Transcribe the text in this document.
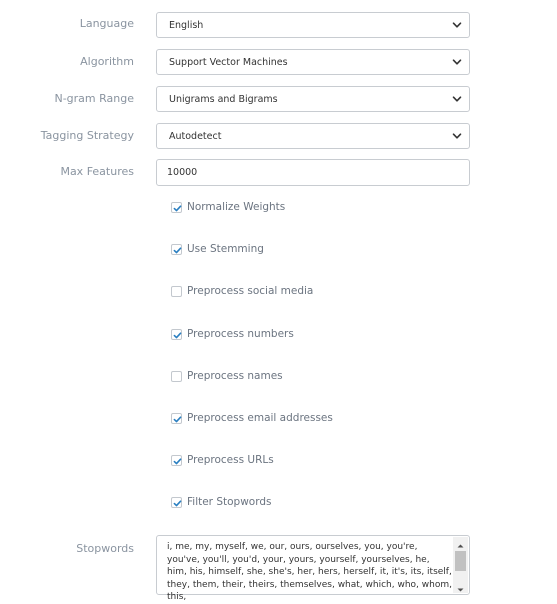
Language	English
Algorithm	Support Vector Machines
N-gram Range	Unigrams and Bigrams
Tagging Strategy	Autodetect
Max Features	10000
Normalize Weights
Use Stemming
Preprocess social media
Preprocess numbers
Preprocess names
Preprocess email addresses
Preprocess URLs
Filter Stopwords
Stopwords	i, me, my, myself, we, our, ours, ourselves, you, you're, you've, you'll, you'd, your, yours, yourself, yourselves, he, him, his, himself, she, she's, her, hers, herself, it, it's, its, itself, they, them, their, theirs, themselves, what, which, who, whom, this,
